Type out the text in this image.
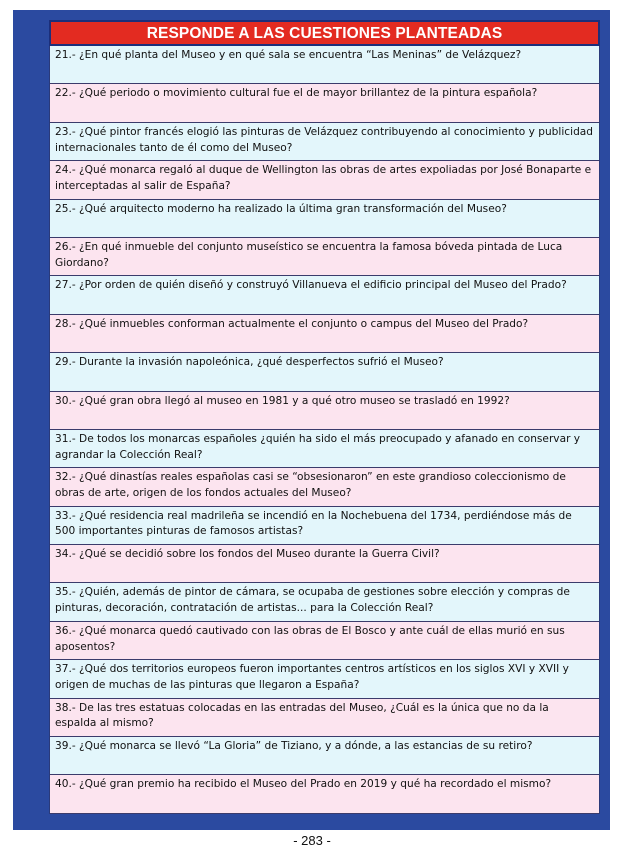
RESPONDE A LAS CUESTIONES PLANTEADAS
21.- ¿En qué planta del Museo y en qué sala se encuentra “Las Meninas” de Velázquez?
22.- ¿Qué periodo o movimiento cultural fue el de mayor brillantez de la pintura española?
23.- ¿Qué pintor francés elogió las pinturas de Velázquez contribuyendo al conocimiento y publicidad internacionales tanto de él como del Museo?
24.- ¿Qué monarca regaló al duque de Wellington las obras de artes expoliadas por José Bonaparte e interceptadas al salir de España?
25.- ¿Qué arquitecto moderno ha realizado la última gran transformación del Museo?
26.- ¿En qué inmueble del conjunto museístico se encuentra la famosa bóveda pintada de Luca Giordano?
27.- ¿Por orden de quién diseñó y construyó Villanueva el edificio principal del Museo del Prado?
28.- ¿Qué inmuebles conforman actualmente el conjunto o campus del Museo del Prado?
29.- Durante la invasión napoleónica, ¿qué desperfectos sufrió el Museo?
30.- ¿Qué gran obra llegó al museo en 1981 y a qué otro museo se trasladó en 1992?
31.- De todos los monarcas españoles ¿quién ha sido el más preocupado y afanado en conservar y agrandar la Colección Real?
32.- ¿Qué dinastías reales españolas casi se “obsesionaron” en este grandioso coleccionismo de obras de arte, origen de los fondos actuales del Museo?
33.- ¿Qué residencia real madrileña se incendió en la Nochebuena del 1734, perdiéndose más de 500 importantes pinturas de famosos artistas?
34.- ¿Qué se decidió sobre los fondos del Museo durante la Guerra Civil?
35.- ¿Quién, además de pintor de cámara, se ocupaba de gestiones sobre elección y compras de pinturas, decoración, contratación de artistas... para la Colección Real?
36.- ¿Qué monarca quedó cautivado con las obras de El Bosco y ante cuál de ellas murió en sus aposentos?
37.- ¿Qué dos territorios europeos fueron importantes centros artísticos en los siglos XVI y XVII y origen de muchas de las pinturas que llegaron a España?
38.- De las tres estatuas colocadas en las entradas del Museo, ¿Cuál es la única que no da la espalda al mismo?
39.- ¿Qué monarca se llevó “La Gloria” de Tiziano, y a dónde, a las estancias de su retiro?
40.- ¿Qué gran premio ha recibido el Museo del Prado en 2019 y qué ha recordado el mismo?
- 283 -
